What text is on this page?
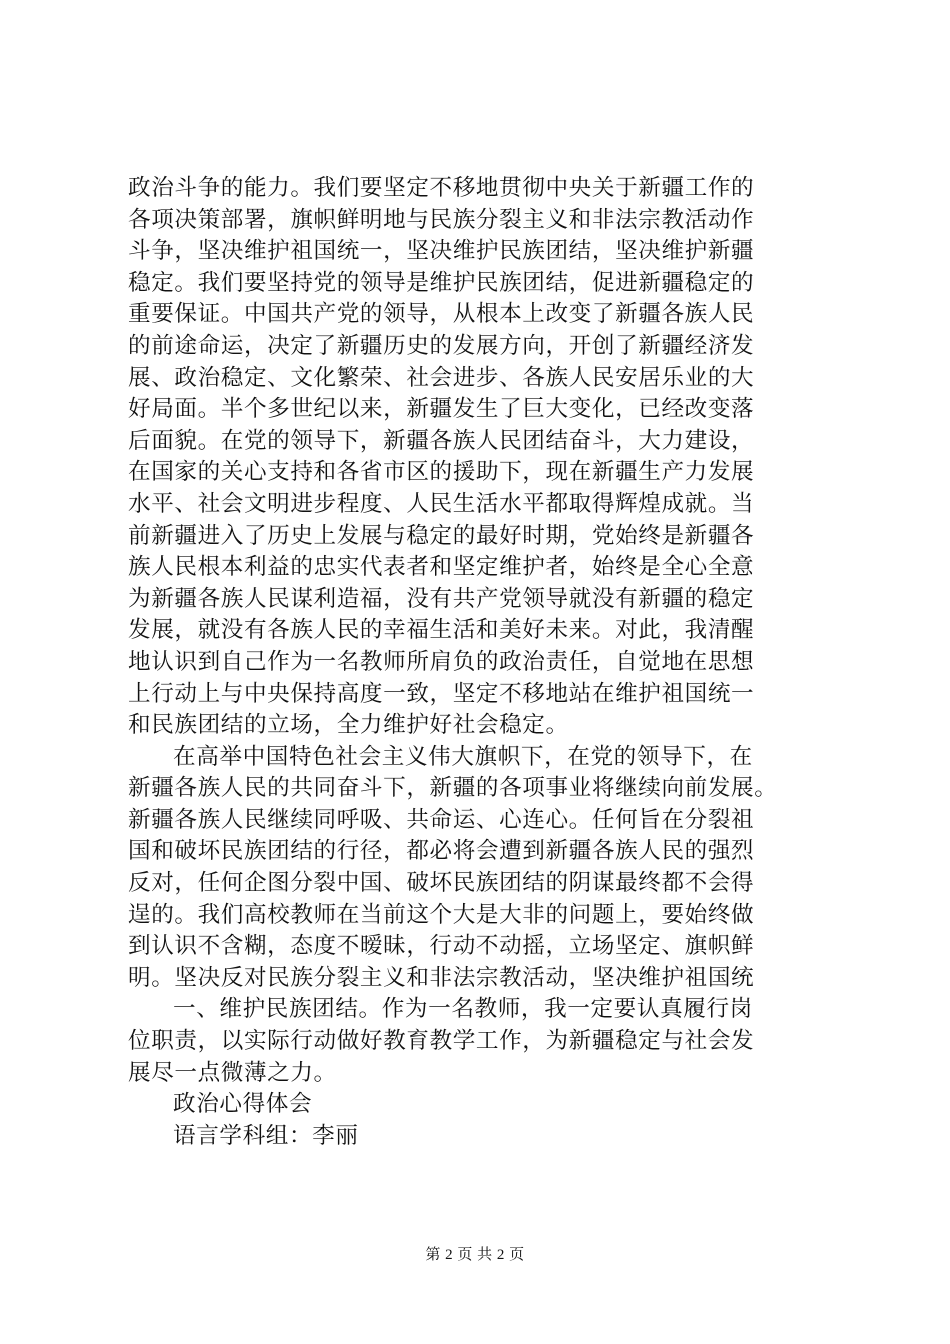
政治斗争的能力。我们要坚定不移地贯彻中央关于新疆工作的
各项决策部署，旗帜鲜明地与民族分裂主义和非法宗教活动作
斗争，坚决维护祖国统一，坚决维护民族团结，坚决维护新疆
稳定。我们要坚持党的领导是维护民族团结，促进新疆稳定的
重要保证。中国共产党的领导，从根本上改变了新疆各族人民
的前途命运，决定了新疆历史的发展方向，开创了新疆经济发
展、政治稳定、文化繁荣、社会进步、各族人民安居乐业的大
好局面。半个多世纪以来，新疆发生了巨大变化，已经改变落
后面貌。在党的领导下，新疆各族人民团结奋斗，大力建设，
在国家的关心支持和各省市区的援助下，现在新疆生产力发展
水平、社会文明进步程度、人民生活水平都取得辉煌成就。当
前新疆进入了历史上发展与稳定的最好时期，党始终是新疆各
族人民根本利益的忠实代表者和坚定维护者，始终是全心全意
为新疆各族人民谋利造福，没有共产党领导就没有新疆的稳定
发展，就没有各族人民的幸福生活和美好未来。对此，我清醒
地认识到自己作为一名教师所肩负的政治责任，自觉地在思想
上行动上与中央保持高度一致，坚定不移地站在维护祖国统一
和民族团结的立场，全力维护好社会稳定。
在高举中国特色社会主义伟大旗帜下，在党的领导下，在
新疆各族人民的共同奋斗下，新疆的各项事业将继续向前发展。
新疆各族人民继续同呼吸、共命运、心连心。任何旨在分裂祖
国和破坏民族团结的行径，都必将会遭到新疆各族人民的强烈
反对，任何企图分裂中国、破坏民族团结的阴谋最终都不会得
逞的。我们高校教师在当前这个大是大非的问题上，要始终做
到认识不含糊，态度不暧昧，行动不动摇，立场坚定、旗帜鲜
明。坚决反对民族分裂主义和非法宗教活动，坚决维护祖国统
一、维护民族团结。作为一名教师，我一定要认真履行岗
位职责，以实际行动做好教育教学工作，为新疆稳定与社会发
展尽一点微薄之力。
政治心得体会
语言学科组：李丽
第 2 页 共 2 页
